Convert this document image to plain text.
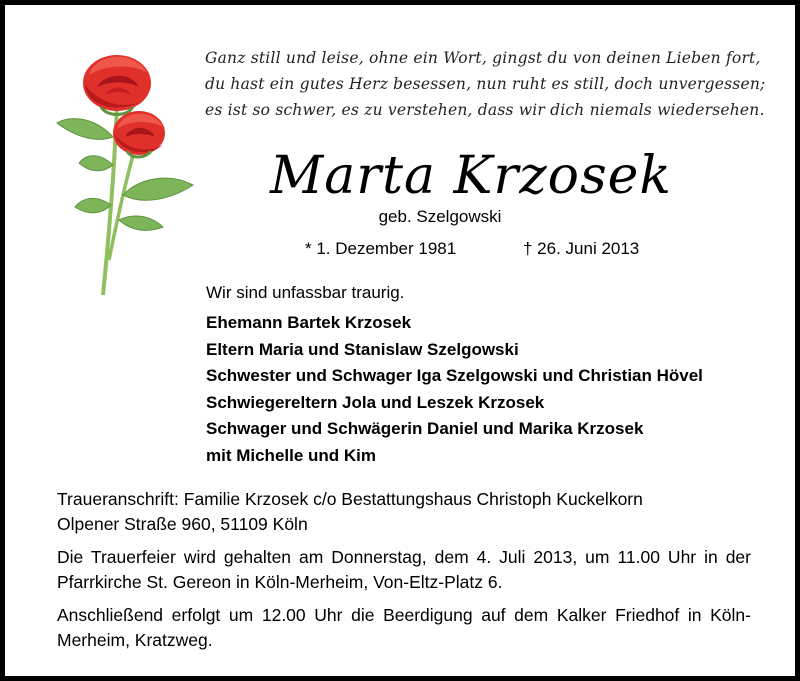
Ganz still und leise, ohne ein Wort, gingst du von deinen Lieben fort,
du hast ein gutes Herz besessen, nun ruht es still, doch unvergessen;
es ist so schwer, es zu verstehen, dass wir dich niemals wiedersehen.
Marta Krzosek
geb. Szelgowski
* 1. Dezember 1981	† 26. Juni 2013
Wir sind unfassbar traurig.
Ehemann Bartek Krzosek
Eltern Maria und Stanislaw Szelgowski
Schwester und Schwager Iga Szelgowski und Christian Hövel
Schwiegereltern Jola und Leszek Krzosek
Schwager und Schwägerin Daniel und Marika Krzosek
mit Michelle und Kim

Traueranschrift: Familie Krzosek c/o Bestattungshaus Christoph Kuckelkorn
Olpener Straße 960, 51109 Köln

Die Trauerfeier wird gehalten am Donnerstag, dem 4. Juli 2013, um 11.00 Uhr in der Pfarrkirche St. Gereon in Köln-Merheim, Von-Eltz-Platz 6.

Anschließend erfolgt um 12.00 Uhr die Beerdigung auf dem Kalker Friedhof in Köln-Merheim, Kratzweg.
